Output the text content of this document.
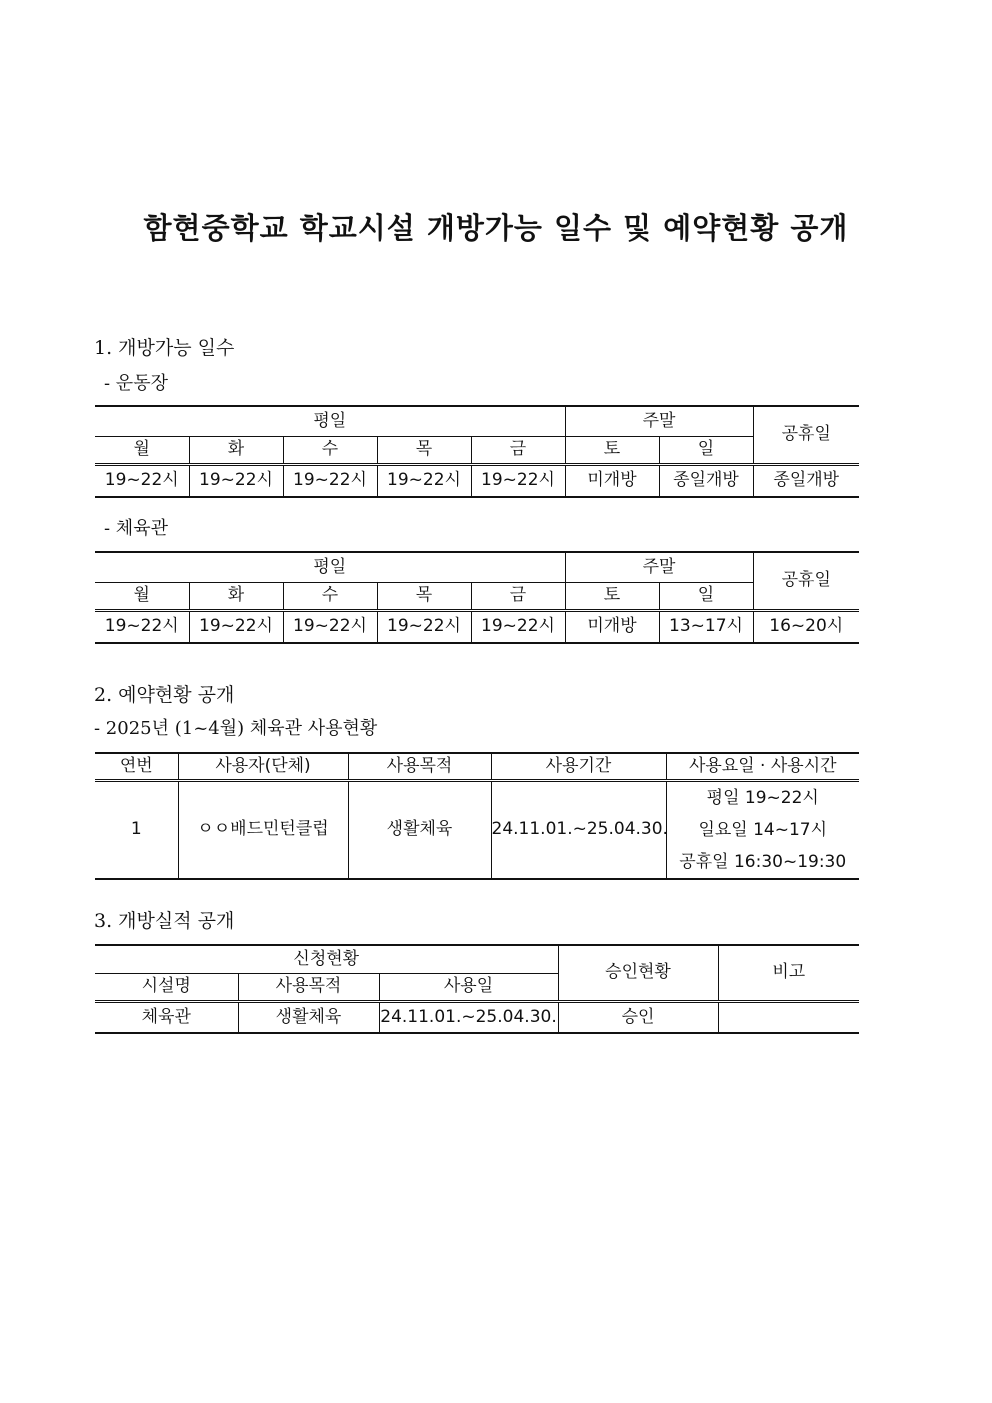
함현중학교 학교시설 개방가능 일수 및 예약현황 공개
1. 개방가능 일수
- 운동장
평일					주말		공휴일
월	화	수	목	금	토	일	
19~22시	19~22시	19~22시	19~22시	19~22시	미개방	종일개방	종일개방
- 체육관
평일					주말		공휴일
월	화	수	목	금	토	일	
19~22시	19~22시	19~22시	19~22시	19~22시	미개방	13~17시	16~20시
2. 예약현황 공개
- 2025년 (1~4월) 체육관 사용현황
연번	사용자(단체)	사용목적	사용기간	사용요일 · 사용시간
1	ㅇㅇ배드민턴클럽	생활체육	24.11.01.~25.04.30.	평일 19~22시
일요일 14~17시
공휴일 16:30~19:30
3. 개방실적 공개
신청현황			승인현황	비고
시설명	사용목적	사용일		
체육관	생활체육	24.11.01.~25.04.30.	승인	
